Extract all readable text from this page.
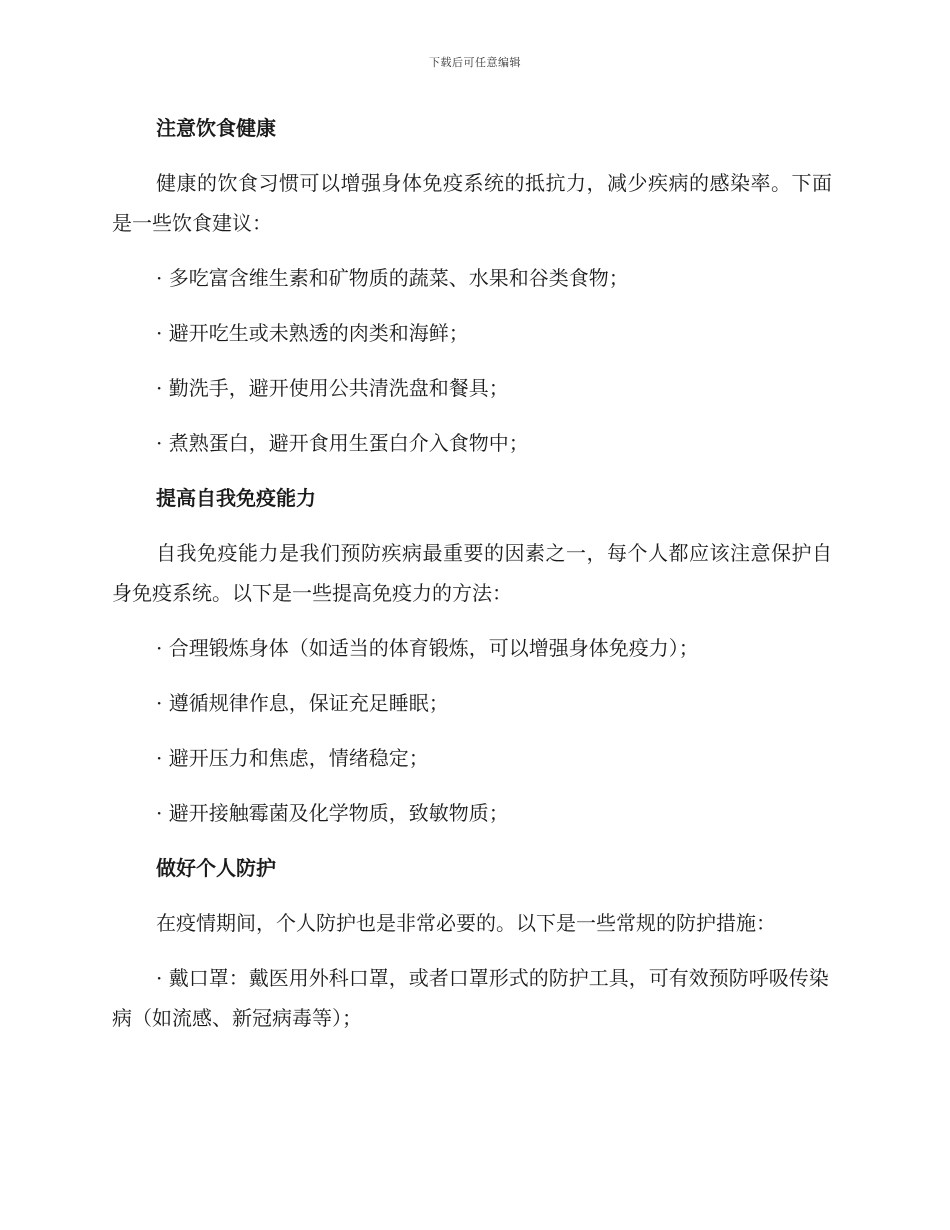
下载后可任意编辑
注意饮食健康

健康的饮食习惯可以增强身体免疫系统的抵抗力，减少疾病的感染率。下面是一些饮食建议：

· 多吃富含维生素和矿物质的蔬菜、水果和谷类食物；

· 避开吃生或未熟透的肉类和海鲜；

· 勤洗手，避开使用公共清洗盘和餐具；

· 煮熟蛋白，避开食用生蛋白介入食物中；

提高自我免疫能力

自我免疫能力是我们预防疾病最重要的因素之一，每个人都应该注意保护自身免疫系统。以下是一些提高免疫力的方法：

· 合理锻炼身体（如适当的体育锻炼，可以增强身体免疫力）；

· 遵循规律作息，保证充足睡眠；

· 避开压力和焦虑，情绪稳定；

· 避开接触霉菌及化学物质，致敏物质；

做好个人防护

在疫情期间，个人防护也是非常必要的。以下是一些常规的防护措施：

· 戴口罩：戴医用外科口罩，或者口罩形式的防护工具，可有效预防呼吸传染病（如流感、新冠病毒等）；
